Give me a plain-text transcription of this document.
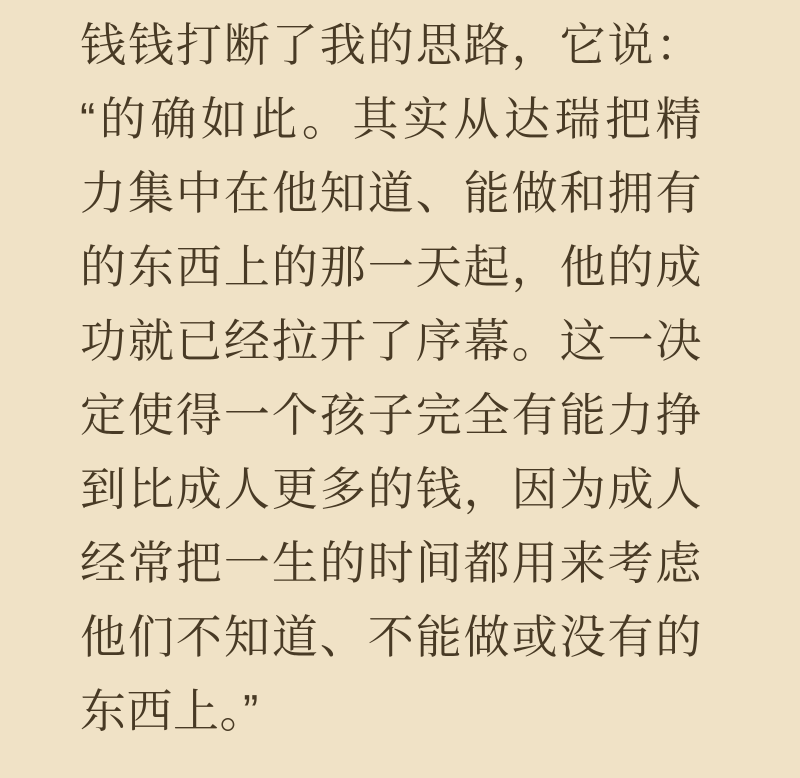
钱钱打断了我的思路，它说：
“的确如此。其实从达瑞把精
力集中在他知道、能做和拥有
的东西上的那一天起，他的成
功就已经拉开了序幕。这一决
定使得一个孩子完全有能力挣
到比成人更多的钱，因为成人
经常把一生的时间都用来考虑
他们不知道、不能做或没有的
东西上。”
